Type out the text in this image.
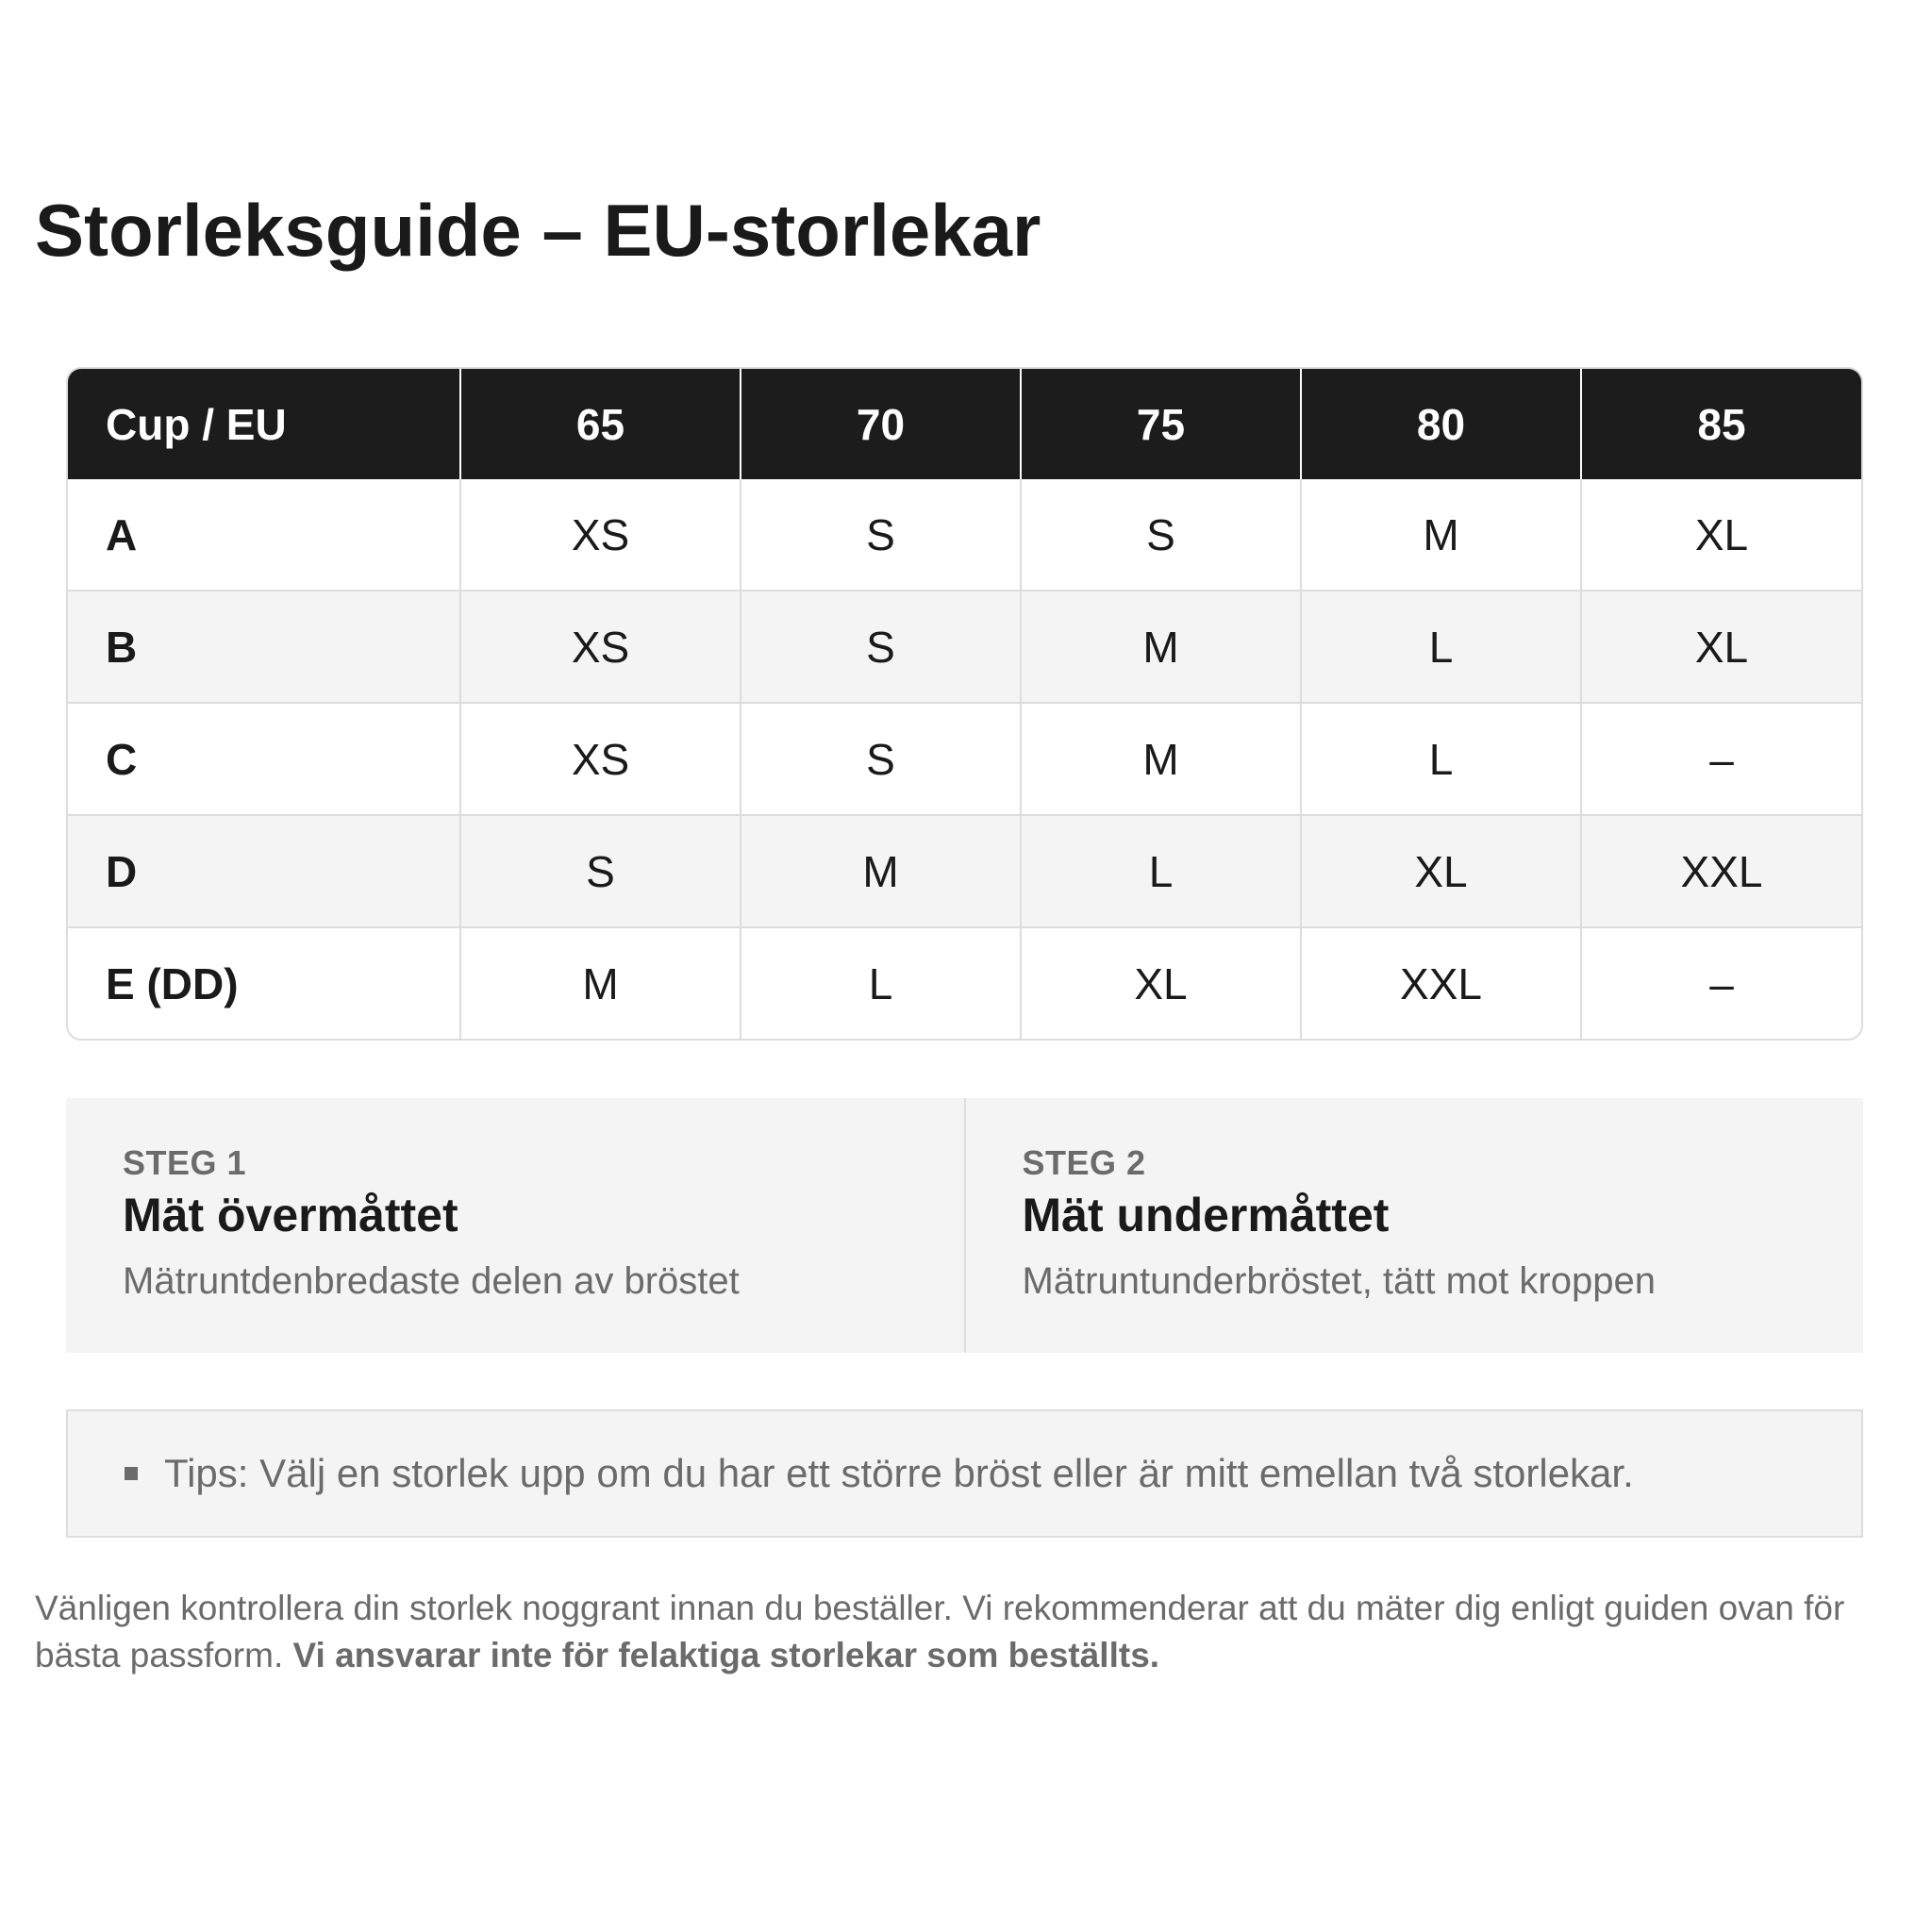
Storleksguide – EU-storlekar
Cup / EU	65	70	75	80	85
A	XS	S	S	M	XL
B	XS	S	M	L	XL
C	XS	S	M	L	–
D	S	M	L	XL	XXL
E (DD)	M	L	XL	XXL	–
STEG 1
Mät övermåttet
Mätruntdenbredaste delen av bröstet
STEG 2
Mät undermåttet
Mätruntunderbröstet, tätt mot kroppen
Tips: Välj en storlek upp om du har ett större bröst eller är mitt emellan två storlekar.

Vänligen kontrollera din storlek noggrant innan du beställer. Vi rekommenderar att du mäter dig enligt guiden ovan för bästa passform. Vi ansvarar inte för felaktiga storlekar som beställts.
